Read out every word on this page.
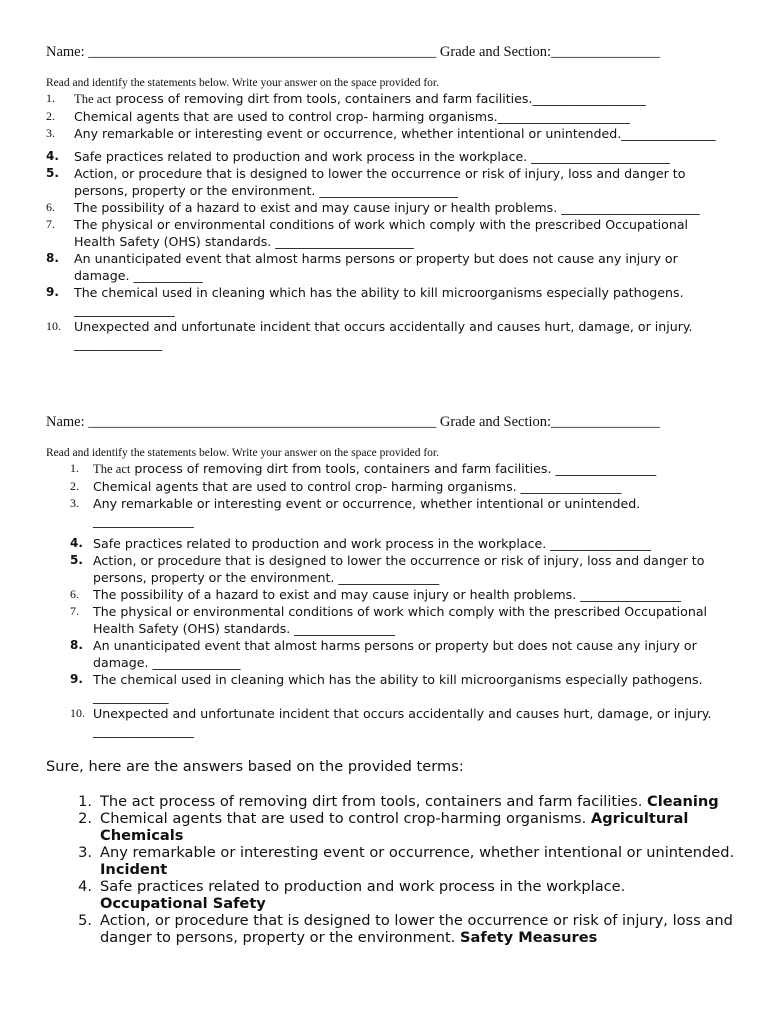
Name: ________________________________________________ Grade and Section:_______________
Read and identify the statements below. Write your answer on the space provided for.
1.	The act process of removing dirt from tools, containers and farm facilities.__________________
2.	Chemical agents that are used to control crop- harming organisms._____________________
3.	Any remarkable or interesting event or occurrence, whether intentional or unintended._______________
4.	Safe practices related to production and work process in the workplace. ______________________
5.	Action, or procedure that is designed to lower the occurrence or risk of injury, loss and danger to persons, property or the environment. ______________________
6.	The possibility of a hazard to exist and may cause injury or health problems. ______________________
7.	The physical or environmental conditions of work which comply with the prescribed Occupational Health Safety (OHS) standards. ______________________
8.	An unanticipated event that almost harms persons or property but does not cause any injury or damage. ___________
9.	The chemical used in cleaning which has the ability to kill microorganisms especially pathogens. ________________
10.	Unexpected and unfortunate incident that occurs accidentally and causes hurt, damage, or injury. ______________
Name: ________________________________________________ Grade and Section:_______________
Read and identify the statements below. Write your answer on the space provided for.
1.	The act process of removing dirt from tools, containers and farm facilities. ________________
2.	Chemical agents that are used to control crop- harming organisms. ________________
3.	Any remarkable or interesting event or occurrence, whether intentional or unintended. ________________
4. Safe practices related to production and work process in the workplace. ________________
5. Action, or procedure that is designed to lower the occurrence or risk of injury, loss and danger to persons, property or the environment. ________________
6.	The possibility of a hazard to exist and may cause injury or health problems. ________________
7.	The physical or environmental conditions of work which comply with the prescribed Occupational Health Safety (OHS) standards. ________________
8. An unanticipated event that almost harms persons or property but does not cause any injury or damage. ______________
9. The chemical used in cleaning which has the ability to kill microorganisms especially pathogens. ____________
10. Unexpected and unfortunate incident that occurs accidentally and causes hurt, damage, or injury. ________________
Sure, here are the answers based on the provided terms:
1. The act process of removing dirt from tools, containers and farm facilities. Cleaning
2. Chemical agents that are used to control crop-harming organisms. Agricultural Chemicals
3. Any remarkable or interesting event or occurrence, whether intentional or unintended. Incident
4. Safe practices related to production and work process in the workplace. Occupational Safety
5. Action, or procedure that is designed to lower the occurrence or risk of injury, loss and danger to persons, property or the environment. Safety Measures
